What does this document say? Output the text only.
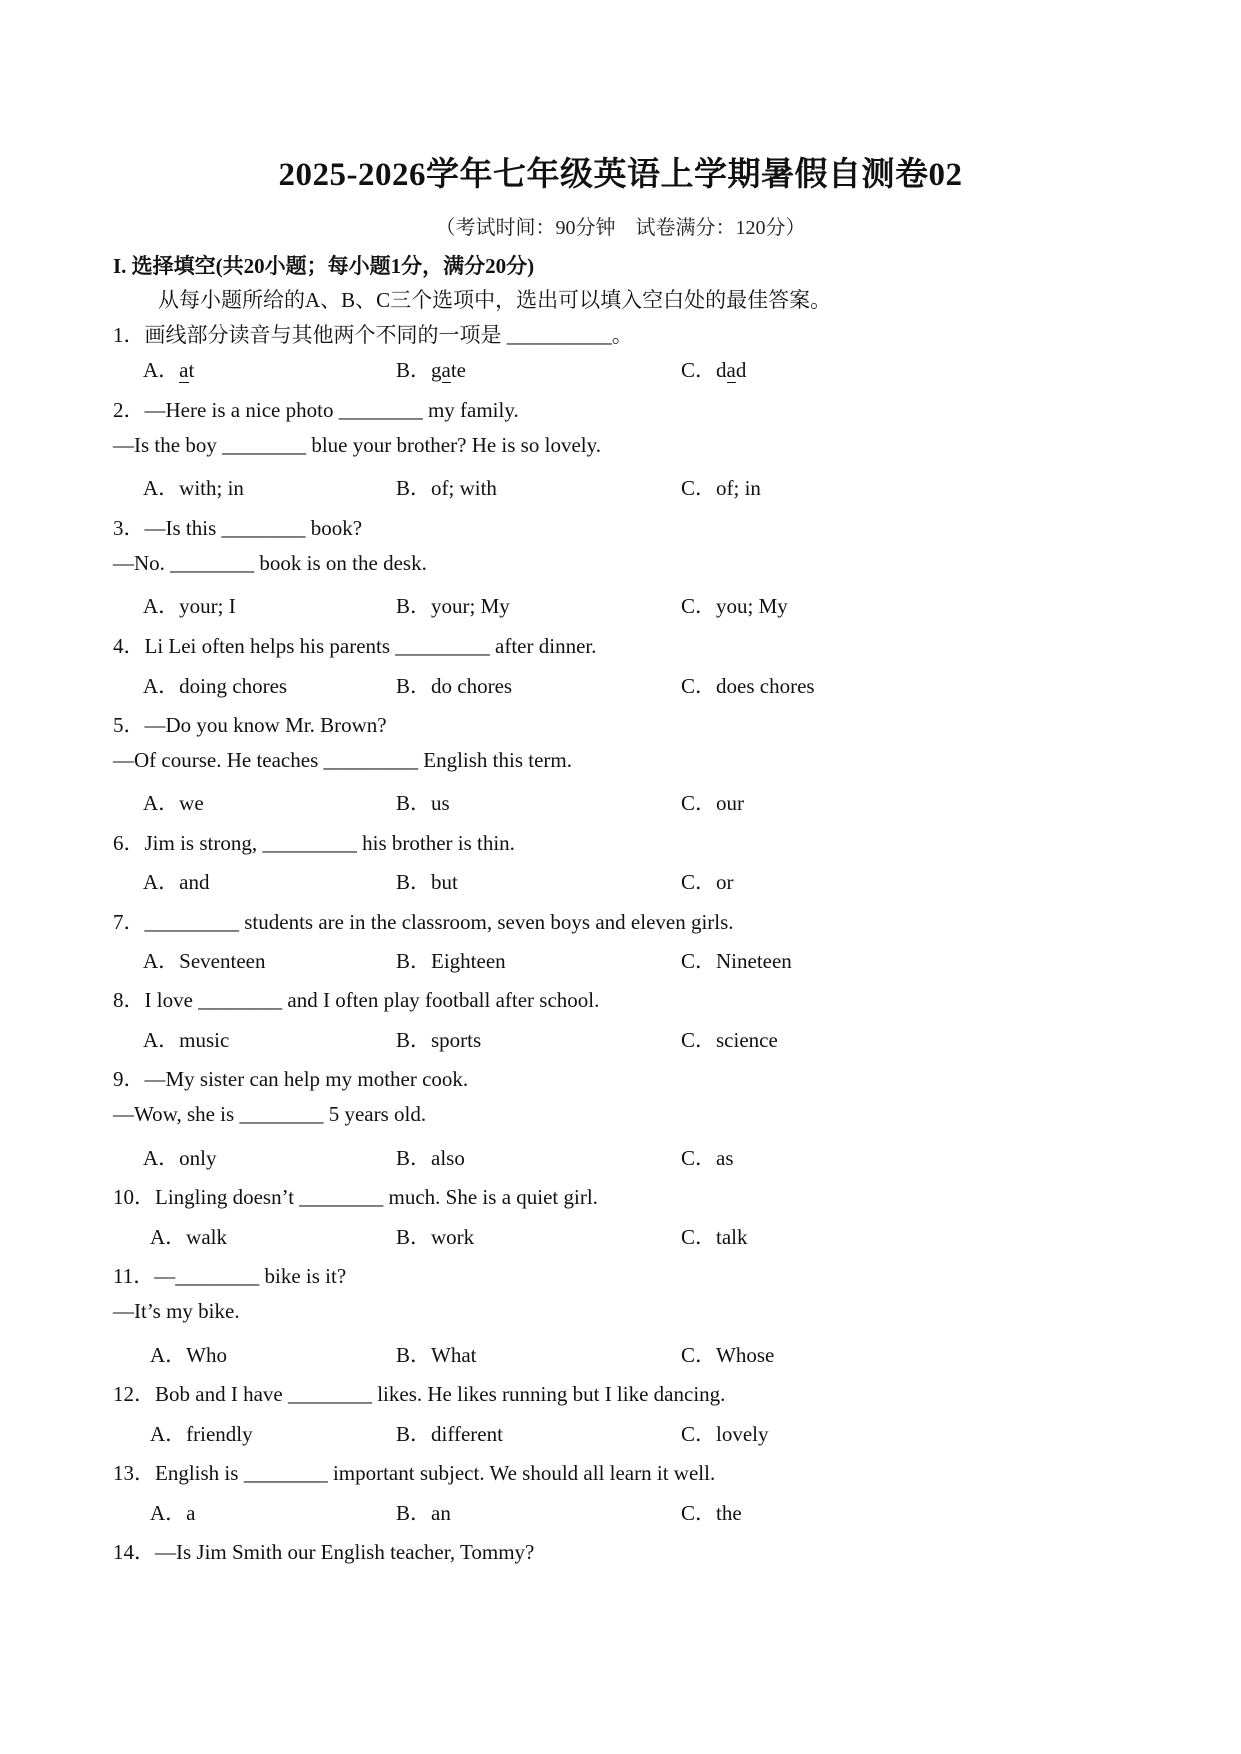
2025-2026学年七年级英语上学期暑假自测卷02
（考试时间：90分钟　试卷满分：120分）
I. 选择填空(共20小题；每小题1分，满分20分)
从每小题所给的A、B、C三个选项中，选出可以填入空白处的最佳答案。
1．画线部分读音与其他两个不同的一项是 __________。
A．at	B．gate	C．dad
2．—Here is a nice photo ________ my family.
—Is the boy ________ blue your brother? He is so lovely.
A．with; in	B．of; with	C．of; in
3．—Is this ________ book?
—No. ________ book is on the desk.
A．your; I	B．your; My	C．you; My
4．Li Lei often helps his parents _________ after dinner.
A．doing chores	B．do chores	C．does chores
5．—Do you know Mr. Brown?
—Of course. He teaches _________ English this term.
A．we	B．us	C．our
6．Jim is strong, _________ his brother is thin.
A．and	B．but	C．or
7．_________ students are in the classroom, seven boys and eleven girls.
A．Seventeen	B．Eighteen	C．Nineteen
8．I love ________ and I often play football after school.
A．music	B．sports	C．science
9．—My sister can help my mother cook.
—Wow, she is ________ 5 years old.
A．only	B．also	C．as
10．Lingling doesn’t ________ much. She is a quiet girl.
A．walk	B．work	C．talk
11．—________ bike is it?
—It’s my bike.
A．Who	B．What	C．Whose
12．Bob and I have ________ likes. He likes running but I like dancing.
A．friendly	B．different	C．lovely
13．English is ________ important subject. We should all learn it well.
A．a	B．an	C．the
14．—Is Jim Smith our English teacher, Tommy?
